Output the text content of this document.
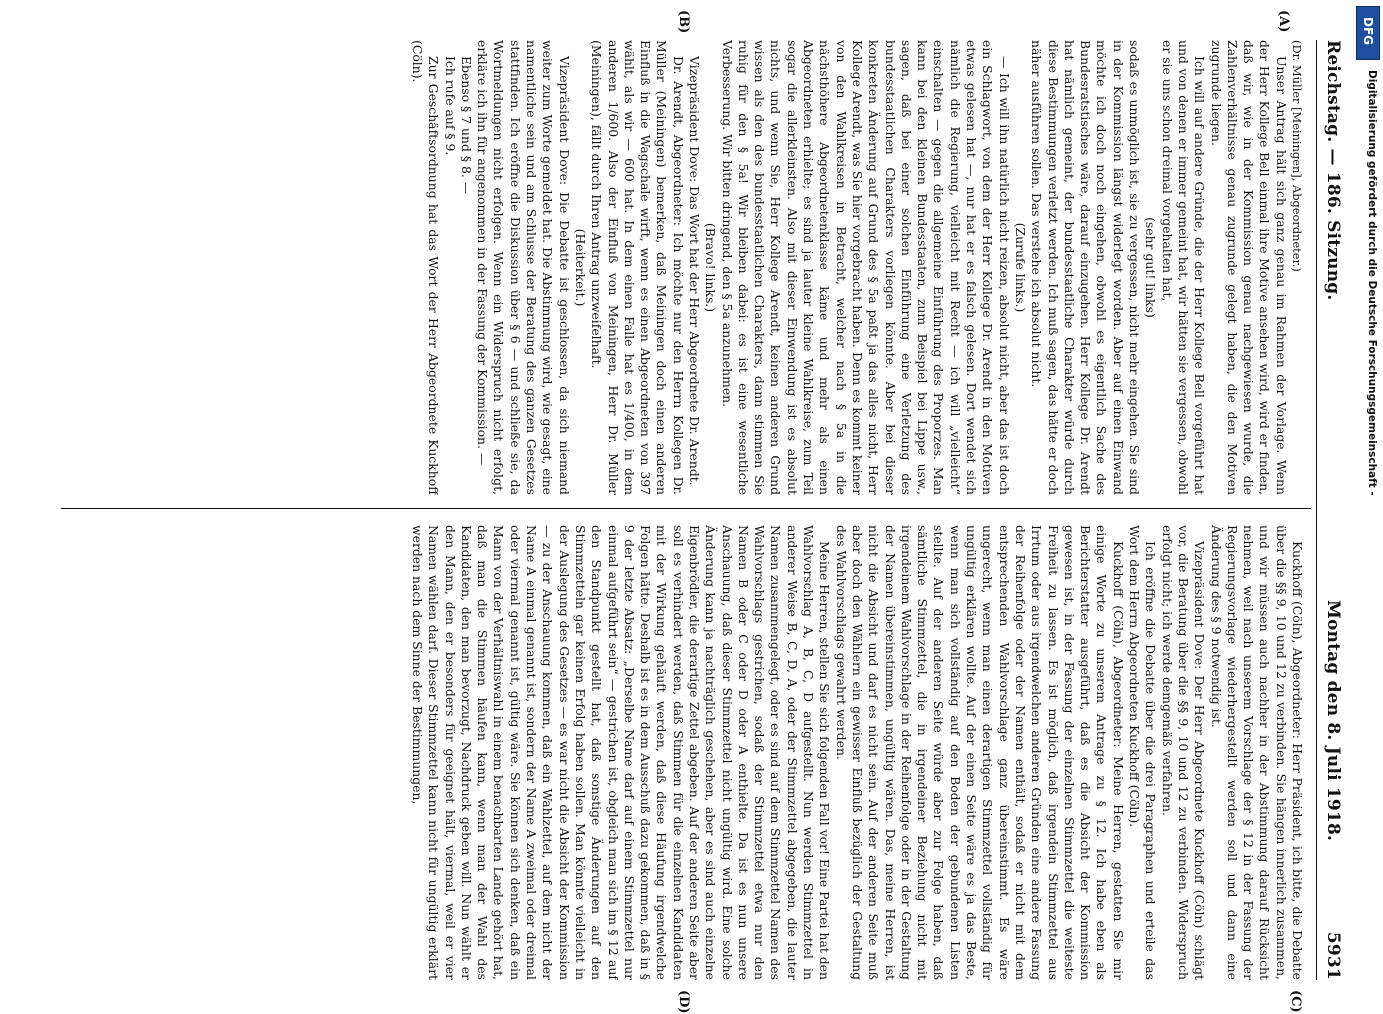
Reichstag. — 186. Sitzung.
Montag den 8. Juli 1918.
5931
(A)
(B)
(C)
(D)

(Dr. Müller [Meiningen], Abgeordneter.)

Unser Antrag hält sich ganz genau im Rahmen der Vorlage. Wenn der Herr Kollege Bell einmal ihre Motive ansehen wird, wird er finden, daß wir, wie in der Kommission genau nachgewiesen wurde, die Zahlenverhältnisse genau zugrunde gelegt haben, die den Motiven zugrunde liegen.

Ich will auf andere Gründe, die der Herr Kollege Bell vorgeführt hat und von denen er immer gemeint hat, wir hätten sie vergessen, obwohl er sie uns schon dreimal vorgehalten hat,

(sehr gut! links)

sodaß es unmöglich ist, sie zu vergessen, nicht mehr eingehen. Sie sind in der Kommission längst widerlegt worden. Aber auf einen Einwand möchte ich doch noch eingehen, obwohl es eigentlich Sache des Bundesratstisches wäre, darauf einzugehen. Herr Kollege Dr. Arendt hat nämlich gemeint, der bundesstaatliche Charakter würde durch diese Bestimmungen verletzt werden. Ich muß sagen, das hätte er doch näher ausführen sollen. Das verstehe ich absolut nicht.

(Zurufe links.)

— Ich will ihn natürlich nicht reizen, absolut nicht, aber das ist doch ein Schlagwort, von dem der Herr Kollege Dr. Arendt in den Motiven etwas gelesen hat —, nur hat er es falsch gelesen. Dort wendet sich nämlich die Regierung, vielleicht mit Recht — ich will „vielleicht“ einschalten — gegen die allgemeine Einführung des Proporzes. Man kann bei den kleinen Bundesstaaten, zum Beispiel bei Lippe usw., sagen, daß bei einer solchen Einführung eine Verletzung des bundesstaatlichen Charakters vorliegen könnte. Aber bei dieser konkreten Änderung auf Grund des § 5a paßt ja das alles nicht, Herr Kollege Arendt, was Sie hier vorgebracht haben. Denn es kommt keiner von den Wahlkreisen in Betracht, welcher nach § 5a in die nächsthöhere Abgeordnetenklasse käme und mehr als einen Abgeordneten erhielte; es sind ja lauter kleine Wahlkreise, zum Teil sogar die allerkleinsten. Also mit dieser Einwendung ist es absolut nichts, und wenn Sie, Herr Kollege Arendt, keinen anderen Grund wissen als den des bundesstaatlichen Charakters, dann stimmen Sie ruhig für den § 5a! Wir bleiben dabei: es ist eine wesentliche Verbesserung. Wir bitten dringend, den § 5a anzunehmen.

(Bravo! links.)

Vizepräsident Dove: Das Wort hat der Herr Abgeordnete Dr. Arendt.

Dr. Arendt, Abgeordneter: Ich möchte nur den Herrn Kollegen Dr. Müller (Meiningen) bemerken, daß Meiningen doch einen anderen Einfluß in die Wagschale wirft, wenn es einen Abgeordneten von 397 wählt, als wir — 600 hat. In dem einen Falle hat es 1/400, in dem anderen 1/600. Also der Einfluß von Meiningen, Herr Dr. Müller (Meiningen), fällt durch Ihren Antrag unzweifelhaft.

(Heiterkeit.)

Vizepräsident Dove: Die Debatte ist geschlossen, da sich niemand weiter zum Worte gemeldet hat. Die Abstimmung wird, wie gesagt, eine namentliche sein und am Schlusse der Beratung des ganzen Gesetzes stattfinden. Ich eröffne die Diskussion über § 6 — und schließe sie, da Wortmeldungen nicht erfolgen. Wenn ein Widerspruch nicht erfolgt, erkläre ich ihn für angenommen in der Fassung der Kommission. —

Ebenso § 7 und § 8. —

Ich rufe auf § 9.

Zur Geschäftsordnung hat das Wort der Herr Abgeordnete Kuckhoff (Cöln).

Kuckhoff (Cöln), Abgeordneter: Herr Präsident, ich bitte, die Debatte über die §§ 9, 10 und 12 zu verbinden. Sie hängen innerlich zusammen, und wir müssen auch nachher in der Abstimmung darauf Rücksicht nehmen, weil nach unserem Vorschlage der § 12 in der Fassung der Regierungsvorlage wiederhergestellt werden soll und dann eine Änderung des § 9 notwendig ist.

Vizepräsident Dove: Der Herr Abgeordnete Kuckhoff (Cöln) schlägt vor, die Beratung über die §§ 9, 10 und 12 zu verbinden. Widerspruch erfolgt nicht; ich werde demgemäß verfahren.

Ich eröffne die Debatte über die drei Paragraphen und erteile das Wort dem Herrn Abgeordneten Kuckhoff (Cöln).

Kuckhoff (Cöln), Abgeordneter: Meine Herren, gestatten Sie mir einige Worte zu unserem Antrage zu § 12. Ich habe eben als Berichterstatter ausgeführt, daß es die Absicht der Kommission gewesen ist, in der Fassung der einzelnen Stimmzettel die weiteste Freiheit zu lassen. Es ist möglich, daß irgendein Stimmzettel aus Irrtum oder aus irgendwelchen anderen Gründen eine andere Fassung der Reihenfolge oder der Namen enthält, sodaß er nicht mit dem entsprechenden Wahlvorschlage ganz übereinstimmt. Es wäre ungerecht, wenn man einen derartigen Stimmzettel vollständig für ungültig erklären wollte. Auf der einen Seite wäre es ja das Beste, wenn man sich vollständig auf den Boden der gebundenen Listen stellte. Auf der anderen Seite würde aber zur Folge haben, daß sämtliche Stimmzettel, die in irgendeiner Beziehung nicht mit irgendeinem Wahlvorschlage in der Reihenfolge oder in der Gestaltung der Namen übereinstimmen, ungültig wären. Das, meine Herren, ist nicht die Absicht und darf es nicht sein. Auf der anderen Seite muß aber doch den Wählern ein gewisser Einfluß bezüglich der Gestaltung des Wahlvorschlags gewahrt werden.

Meine Herren, stellen Sie sich folgenden Fall vor! Eine Partei hat den Wahlvorschlag A, B, C, D aufgestellt. Nun werden Stimmzettel in anderer Weise B, C, D, A, oder der Stimmzettel abgegeben, die lauter Namen zusammengelegt, oder es sind auf dem Stimmzettel Namen des Wahlvorschlags gestrichen, sodaß der Stimmzettel etwa nur den Namen B oder C oder D oder A enthielte. Da ist es nun unsere Anschauung, daß dieser Stimmzettel nicht ungültig wird. Eine solche Änderung kann ja nachträglich geschehen, aber es sind auch einzelne Eigenbrödler, die derartige Zettel abgeben. Auf der anderen Seite aber soll es verhindert werden, daß Stimmen für die einzelnen Kandidaten mit der Wirkung gehäuft werden, daß diese Häufung irgendwelche Folgen hätte. Deshalb ist es in dem Ausschuß dazu gekommen, daß in § 9 der letzte Absatz: „Derselbe Name darf auf einem Stimmzettel nur einmal aufgeführt sein“ — gestrichen ist, obgleich man sich im § 12 auf den Standpunkt gestellt hat, daß sonstige Änderungen auf den Stimmzetteln gar keinen Erfolg haben sollen. Man könnte vielleicht in der Auslegung des Gesetzes — es war nicht die Absicht der Kommission — zu der Anschauung kommen, daß ein Wahlzettel, auf dem nicht der Name A einmal genannt ist, sondern der Name A zweimal oder dreimal oder viermal genannt ist, gültig wäre. Sie können sich denken, daß ein Mann von der Verhältniswahl in einem benachbarten Lande gehört hat, daß man die Stimmen häufen kann, wenn man der Wahl des Kandidaten, den man bevorzugt, Nachdruck geben will. Nun wählt er den Mann, den er besonders für geeignet hält, viermal, weil er vier Namen wählen darf. Dieser Stimmzettel kann nicht für ungültig erklärt werden nach dem Sinne der Bestimmungen,

DFG
Digitalisierung gefördert durch die Deutsche Forschungsgemeinschaft -
